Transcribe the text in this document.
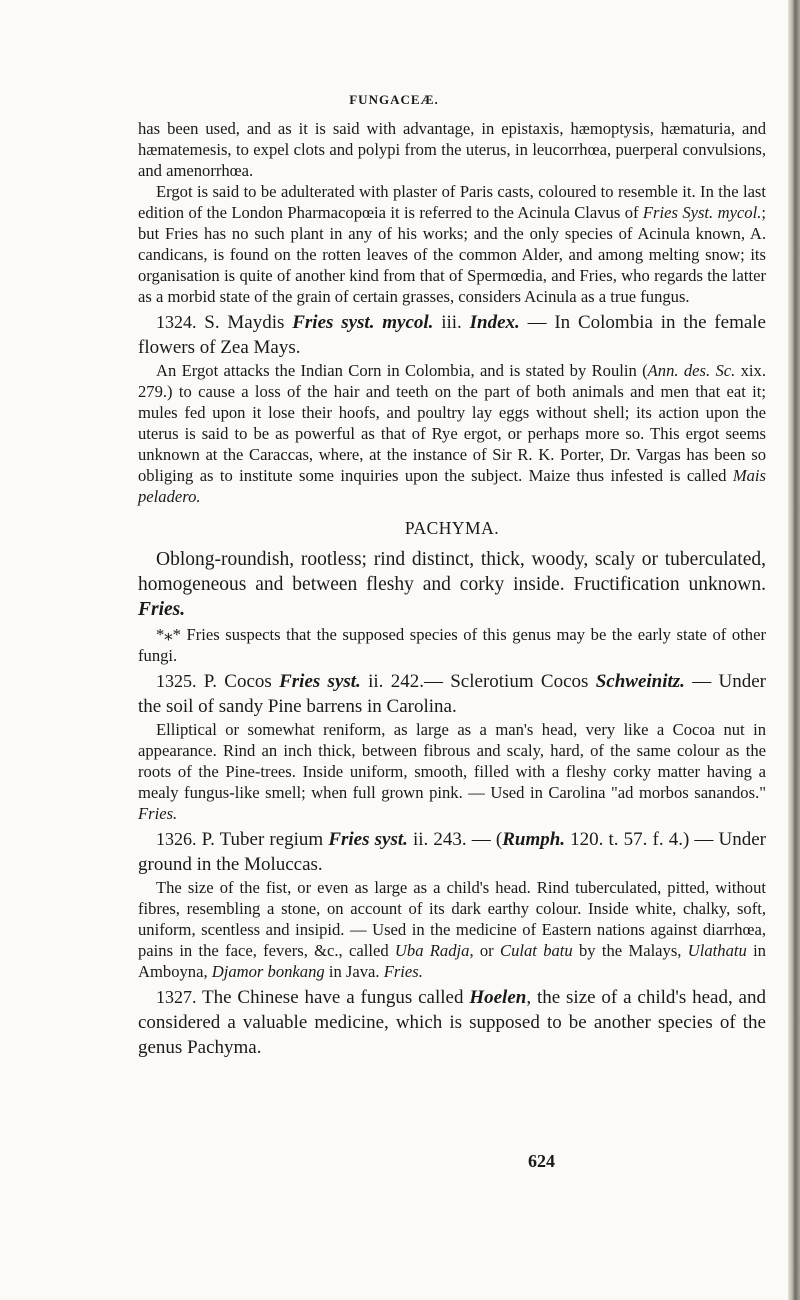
FUNGACEÆ.

has been used, and as it is said with advantage, in epistaxis, hæmoptysis, hæmaturia, and hæmatemesis, to expel clots and polypi from the uterus, in leucorrhœa, puerperal convulsions, and amenorrhœa.

Ergot is said to be adulterated with plaster of Paris casts, coloured to resemble it. In the last edition of the London Pharmacopœia it is referred to the Acinula Clavus of Fries Syst. mycol.; but Fries has no such plant in any of his works; and the only species of Acinula known, A. candicans, is found on the rotten leaves of the common Alder, and among melting snow; its organisation is quite of another kind from that of Spermœdia, and Fries, who regards the latter as a morbid state of the grain of certain grasses, considers Acinula as a true fungus.

1324. S. Maydis Fries syst. mycol. iii. Index. — In Colombia in the female flowers of Zea Mays.

An Ergot attacks the Indian Corn in Colombia, and is stated by Roulin (Ann. des. Sc. xix. 279.) to cause a loss of the hair and teeth on the part of both animals and men that eat it; mules fed upon it lose their hoofs, and poultry lay eggs without shell; its action upon the uterus is said to be as powerful as that of Rye ergot, or perhaps more so. This ergot seems unknown at the Caraccas, where, at the instance of Sir R. K. Porter, Dr. Vargas has been so obliging as to institute some inquiries upon the subject. Maize thus infested is called Mais peladero.

PACHYMA.

Oblong-roundish, rootless; rind distinct, thick, woody, scaly or tuberculated, homogeneous and between fleshy and corky inside. Fructification unknown. Fries.

*⁎* Fries suspects that the supposed species of this genus may be the early state of other fungi.

1325. P. Cocos Fries syst. ii. 242.— Sclerotium Cocos Schweinitz. — Under the soil of sandy Pine barrens in Carolina.

Elliptical or somewhat reniform, as large as a man's head, very like a Cocoa nut in appearance. Rind an inch thick, between fibrous and scaly, hard, of the same colour as the roots of the Pine-trees. Inside uniform, smooth, filled with a fleshy corky matter having a mealy fungus-like smell; when full grown pink. — Used in Carolina "ad morbos sanandos." Fries.

1326. P. Tuber regium Fries syst. ii. 243. — (Rumph. 120. t. 57. f. 4.) — Under ground in the Moluccas.

The size of the fist, or even as large as a child's head. Rind tuberculated, pitted, without fibres, resembling a stone, on account of its dark earthy colour. Inside white, chalky, soft, uniform, scentless and insipid. — Used in the medicine of Eastern nations against diarrhœa, pains in the face, fevers, &c., called Uba Radja, or Culat batu by the Malays, Ulathatu in Amboyna, Djamor bonkang in Java. Fries.

1327. The Chinese have a fungus called Hoelen, the size of a child's head, and considered a valuable medicine, which is supposed to be another species of the genus Pachyma.

624
